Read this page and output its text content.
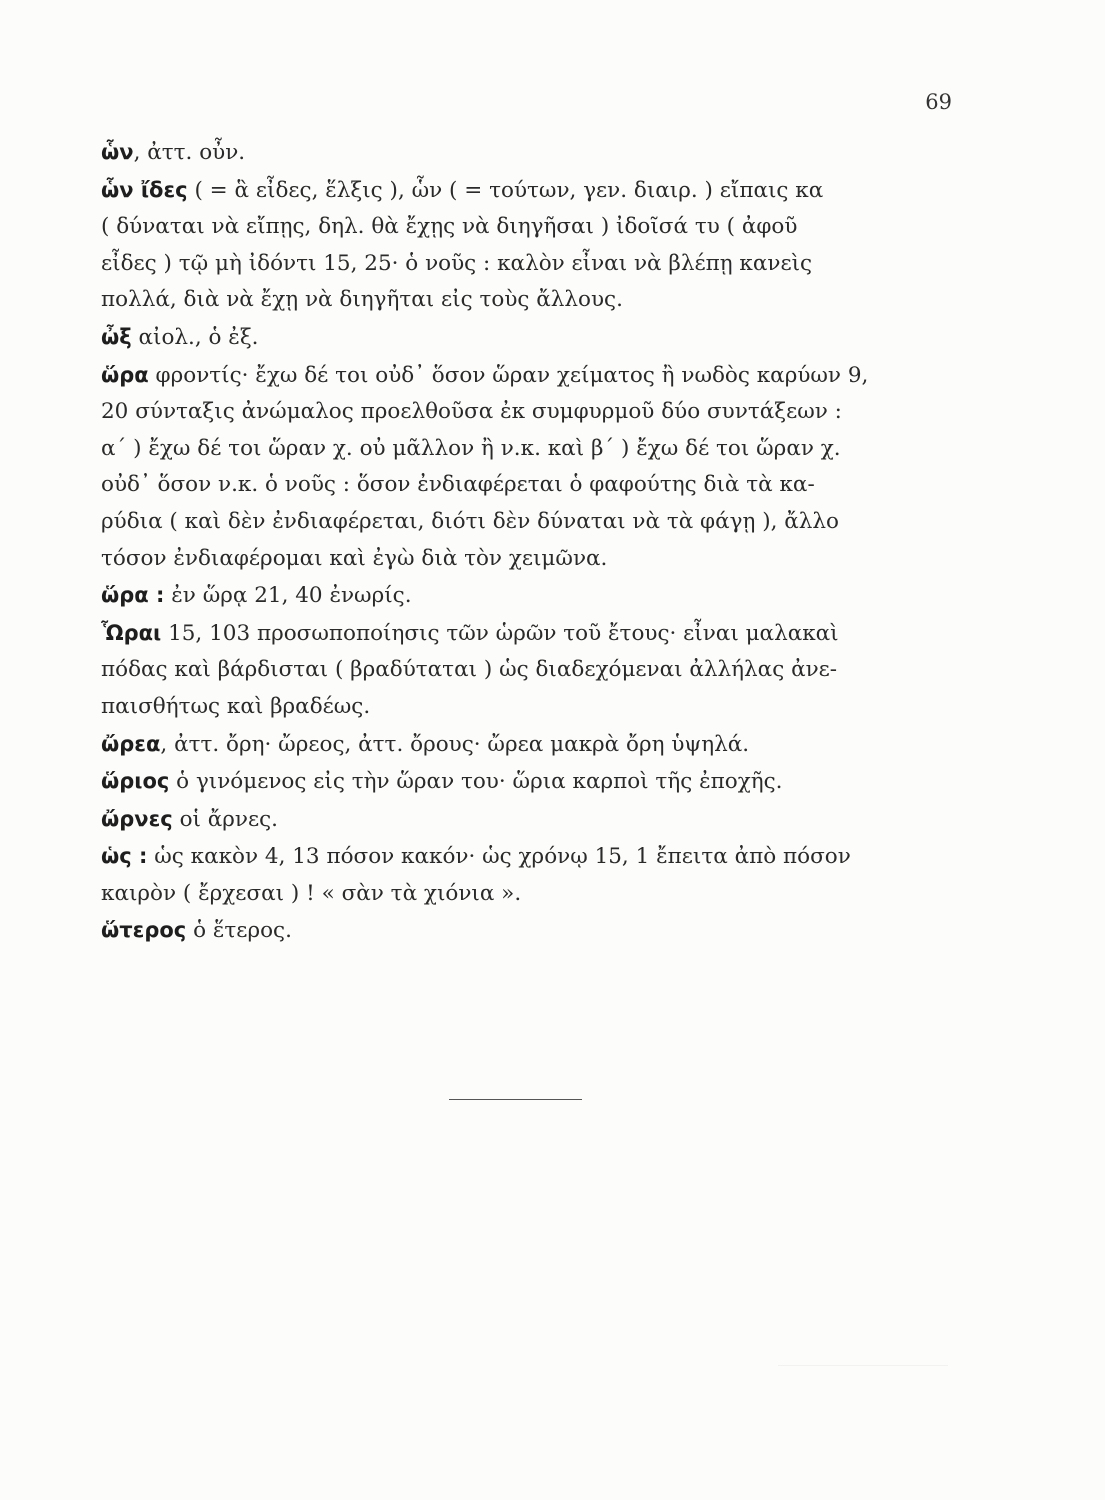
69

ὧν, ἀττ. οὖν.

ὧν ἴδες ( = ἃ εἶδες, ἕλξις ), ὧν ( = τούτων, γεν. διαιρ. ) εἴπαις κα
( δύναται νὰ εἴπῃς, δηλ. θὰ ἔχῃς νὰ διηγῆσαι ) ἰδοῖσά τυ ( ἀφοῦ
εἶδες ) τῷ μὴ ἰδόντι 15, 25· ὁ νοῦς : καλὸν εἶναι νὰ βλέπῃ κανεὶς
πολλά, διὰ νὰ ἔχῃ νὰ διηγῆται εἰς τοὺς ἄλλους.

ὦξ αἰολ., ὁ ἐξ.

ὥρα φροντίς· ἔχω δέ τοι οὐδ᾽ ὅσον ὥραν χείματος ἢ νωδὸς καρύων 9,
20 σύνταξις ἀνώμαλος προελθοῦσα ἐκ συμφυρμοῦ δύο συντάξεων :
α΄ ) ἔχω δέ τοι ὥραν χ. οὐ μᾶλλον ἢ ν.κ. καὶ β΄ ) ἔχω δέ τοι ὥραν χ.
οὐδ᾽ ὅσον ν.κ. ὁ νοῦς : ὅσον ἐνδιαφέρεται ὁ φαφούτης διὰ τὰ κα-
ρύδια ( καὶ δὲν ἐνδιαφέρεται, διότι δὲν δύναται νὰ τὰ φάγῃ ), ἄλλο
τόσον ἐνδιαφέρομαι καὶ ἐγὼ διὰ τὸν χειμῶνα.

ὥρα : ἐν ὥρᾳ 21, 40 ἐνωρίς.

Ὧραι 15, 103 προσωποποίησις τῶν ὡρῶν τοῦ ἔτους· εἶναι μαλακαὶ
πόδας καὶ βάρδισται ( βραδύταται ) ὡς διαδεχόμεναι ἀλλήλας ἀνε-
παισθήτως καὶ βραδέως.

ὤρεα, ἀττ. ὄρη· ὤρεος, ἀττ. ὄρους· ὤρεα μακρὰ ὄρη ὑψηλά.

ὥριος ὁ γινόμενος εἰς τὴν ὥραν του· ὥρια καρποὶ τῆς ἐποχῆς.

ὤρνες οἱ ἄρνες.

ὡς : ὡς κακὸν 4, 13 πόσον κακόν· ὡς χρόνῳ 15, 1 ἔπειτα ἀπὸ πόσον
καιρὸν ( ἔρχεσαι ) ! « σὰν τὰ χιόνια ».

ὥτερος ὁ ἕτερος.
